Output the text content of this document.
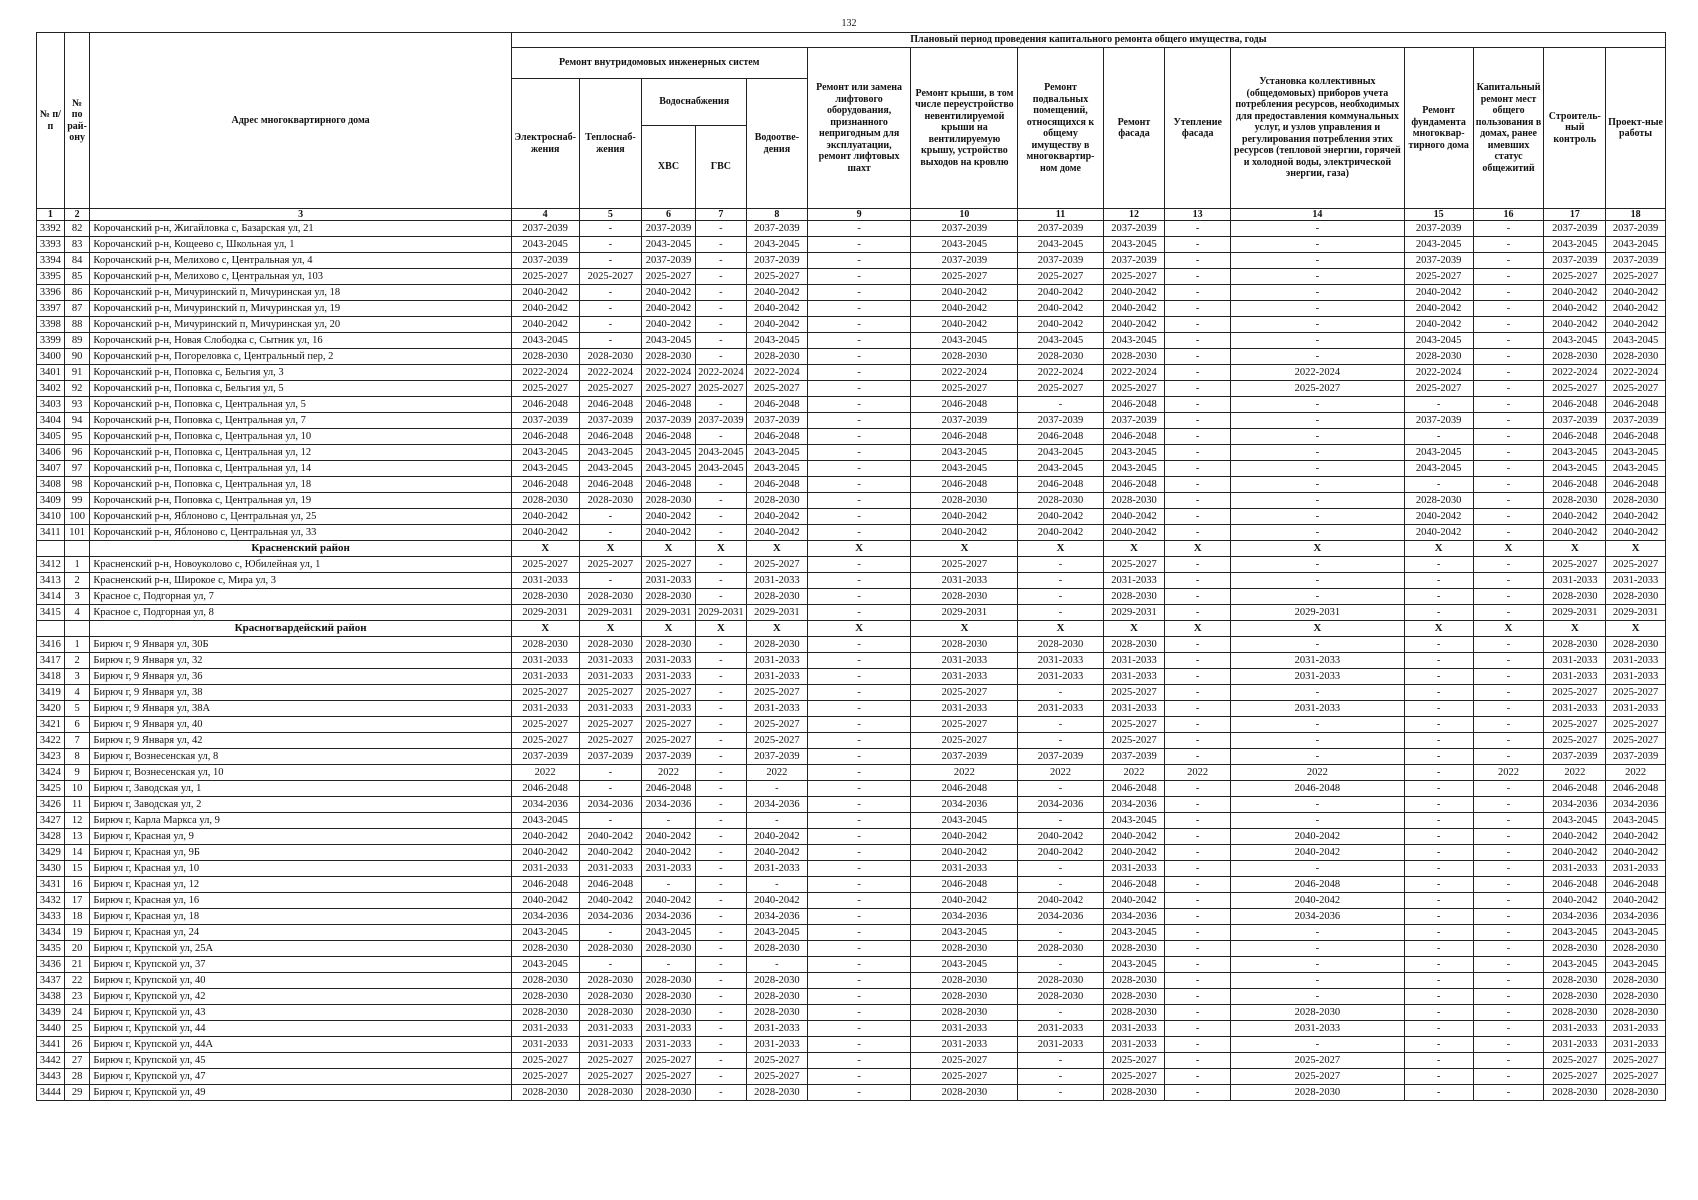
132
№ п/п	№ по рай-ону	Адрес многоквартирного дома	Плановый период проведения капитального ремонта общего имущества, годы														
			Ремонт внутридомовых инженерных систем					Ремонт или замена лифтового оборудования, признанного непригодным для эксплуатации, ремонт лифтовых шахт	Ремонт крыши, в том числе переустройство невентилируемой крыши на вентилируемую крышу, устройство выходов на кровлю	Ремонт подвальных помещений, относящихся к общему имуществу в многоквартир-ном доме	Ремонт фасада	Утепление фасада	Установка коллективных (общедомовых) приборов учета потребления ресурсов, необходимых для предоставления коммунальных услуг, и узлов управления и регулирования потребления этих ресурсов (тепловой энергии, горячей и холодной воды, электрической энергии, газа)	Ремонт фундамента многоквар-тирного дома	Капитальный ремонт мест общего пользования в домах, ранее имевших статус общежитий	Строитель-ный контроль	Проект-ные работы
			Электроснаб-жения	Теплоснаб-жения	Водоснабжения		Водоотве-дения										
					ХВС	ГВС											
1	2	3	4	5	6	7	8	9	10	11	12	13	14	15	16	17	18
3392	82	Корочанский р-н, Жигайловка с, Базарская ул, 21	2037-2039	-	2037-2039	-	2037-2039	-	2037-2039	2037-2039	2037-2039	-	-	2037-2039	-	2037-2039	2037-2039
3393	83	Корочанский р-н, Кощеево с, Школьная ул, 1	2043-2045	-	2043-2045	-	2043-2045	-	2043-2045	2043-2045	2043-2045	-	-	2043-2045	-	2043-2045	2043-2045
3394	84	Корочанский р-н, Мелихово с, Центральная ул, 4	2037-2039	-	2037-2039	-	2037-2039	-	2037-2039	2037-2039	2037-2039	-	-	2037-2039	-	2037-2039	2037-2039
3395	85	Корочанский р-н, Мелихово с, Центральная ул, 103	2025-2027	2025-2027	2025-2027	-	2025-2027	-	2025-2027	2025-2027	2025-2027	-	-	2025-2027	-	2025-2027	2025-2027
3396	86	Корочанский р-н, Мичуринский п, Мичуринская ул, 18	2040-2042	-	2040-2042	-	2040-2042	-	2040-2042	2040-2042	2040-2042	-	-	2040-2042	-	2040-2042	2040-2042
3397	87	Корочанский р-н, Мичуринский п, Мичуринская ул, 19	2040-2042	-	2040-2042	-	2040-2042	-	2040-2042	2040-2042	2040-2042	-	-	2040-2042	-	2040-2042	2040-2042
3398	88	Корочанский р-н, Мичуринский п, Мичуринская ул, 20	2040-2042	-	2040-2042	-	2040-2042	-	2040-2042	2040-2042	2040-2042	-	-	2040-2042	-	2040-2042	2040-2042
3399	89	Корочанский р-н, Новая Слободка с, Сытник ул, 16	2043-2045	-	2043-2045	-	2043-2045	-	2043-2045	2043-2045	2043-2045	-	-	2043-2045	-	2043-2045	2043-2045
3400	90	Корочанский р-н, Погореловка с, Центральный пер, 2	2028-2030	2028-2030	2028-2030	-	2028-2030	-	2028-2030	2028-2030	2028-2030	-	-	2028-2030	-	2028-2030	2028-2030
3401	91	Корочанский р-н, Поповка с, Бельгия ул, 3	2022-2024	2022-2024	2022-2024	2022-2024	2022-2024	-	2022-2024	2022-2024	2022-2024	-	2022-2024	2022-2024	-	2022-2024	2022-2024
3402	92	Корочанский р-н, Поповка с, Бельгия ул, 5	2025-2027	2025-2027	2025-2027	2025-2027	2025-2027	-	2025-2027	2025-2027	2025-2027	-	2025-2027	2025-2027	-	2025-2027	2025-2027
3403	93	Корочанский р-н, Поповка с, Центральная ул, 5	2046-2048	2046-2048	2046-2048	-	2046-2048	-	2046-2048	-	2046-2048	-	-	-	-	2046-2048	2046-2048
3404	94	Корочанский р-н, Поповка с, Центральная ул, 7	2037-2039	2037-2039	2037-2039	2037-2039	2037-2039	-	2037-2039	2037-2039	2037-2039	-	-	2037-2039	-	2037-2039	2037-2039
3405	95	Корочанский р-н, Поповка с, Центральная ул, 10	2046-2048	2046-2048	2046-2048	-	2046-2048	-	2046-2048	2046-2048	2046-2048	-	-	-	-	2046-2048	2046-2048
3406	96	Корочанский р-н, Поповка с, Центральная ул, 12	2043-2045	2043-2045	2043-2045	2043-2045	2043-2045	-	2043-2045	2043-2045	2043-2045	-	-	2043-2045	-	2043-2045	2043-2045
3407	97	Корочанский р-н, Поповка с, Центральная ул, 14	2043-2045	2043-2045	2043-2045	2043-2045	2043-2045	-	2043-2045	2043-2045	2043-2045	-	-	2043-2045	-	2043-2045	2043-2045
3408	98	Корочанский р-н, Поповка с, Центральная ул, 18	2046-2048	2046-2048	2046-2048	-	2046-2048	-	2046-2048	2046-2048	2046-2048	-	-	-	-	2046-2048	2046-2048
3409	99	Корочанский р-н, Поповка с, Центральная ул, 19	2028-2030	2028-2030	2028-2030	-	2028-2030	-	2028-2030	2028-2030	2028-2030	-	-	2028-2030	-	2028-2030	2028-2030
3410	100	Корочанский р-н, Яблоново с, Центральная ул, 25	2040-2042	-	2040-2042	-	2040-2042	-	2040-2042	2040-2042	2040-2042	-	-	2040-2042	-	2040-2042	2040-2042
3411	101	Корочанский р-н, Яблоново с, Центральная ул, 33	2040-2042	-	2040-2042	-	2040-2042	-	2040-2042	2040-2042	2040-2042	-	-	2040-2042	-	2040-2042	2040-2042
		Красненский район	X	X	X	X	X	X	X	X	X	X	X	X	X	X	X
3412	1	Красненский р-н, Новоуколово с, Юбилейная ул, 1	2025-2027	2025-2027	2025-2027	-	2025-2027	-	2025-2027	-	2025-2027	-	-	-	-	2025-2027	2025-2027
3413	2	Красненский р-н, Широкое с, Мира ул, 3	2031-2033	-	2031-2033	-	2031-2033	-	2031-2033	-	2031-2033	-	-	-	-	2031-2033	2031-2033
3414	3	Красное с, Подгорная ул, 7	2028-2030	2028-2030	2028-2030	-	2028-2030	-	2028-2030	-	2028-2030	-	-	-	-	2028-2030	2028-2030
3415	4	Красное с, Подгорная ул, 8	2029-2031	2029-2031	2029-2031	2029-2031	2029-2031	-	2029-2031	-	2029-2031	-	2029-2031	-	-	2029-2031	2029-2031
		Красногвардейский район	X	X	X	X	X	X	X	X	X	X	X	X	X	X	X
3416	1	Бирюч г, 9 Января ул, 30Б	2028-2030	2028-2030	2028-2030	-	2028-2030	-	2028-2030	2028-2030	2028-2030	-	-	-	-	2028-2030	2028-2030
3417	2	Бирюч г, 9 Января ул, 32	2031-2033	2031-2033	2031-2033	-	2031-2033	-	2031-2033	2031-2033	2031-2033	-	2031-2033	-	-	2031-2033	2031-2033
3418	3	Бирюч г, 9 Января ул, 36	2031-2033	2031-2033	2031-2033	-	2031-2033	-	2031-2033	2031-2033	2031-2033	-	2031-2033	-	-	2031-2033	2031-2033
3419	4	Бирюч г, 9 Января ул, 38	2025-2027	2025-2027	2025-2027	-	2025-2027	-	2025-2027	-	2025-2027	-	-	-	-	2025-2027	2025-2027
3420	5	Бирюч г, 9 Января ул, 38А	2031-2033	2031-2033	2031-2033	-	2031-2033	-	2031-2033	2031-2033	2031-2033	-	2031-2033	-	-	2031-2033	2031-2033
3421	6	Бирюч г, 9 Января ул, 40	2025-2027	2025-2027	2025-2027	-	2025-2027	-	2025-2027	-	2025-2027	-	-	-	-	2025-2027	2025-2027
3422	7	Бирюч г, 9 Января ул, 42	2025-2027	2025-2027	2025-2027	-	2025-2027	-	2025-2027	-	2025-2027	-	-	-	-	2025-2027	2025-2027
3423	8	Бирюч г, Вознесенская ул, 8	2037-2039	2037-2039	2037-2039	-	2037-2039	-	2037-2039	2037-2039	2037-2039	-	-	-	-	2037-2039	2037-2039
3424	9	Бирюч г, Вознесенская ул, 10	2022	-	2022	-	2022	-	2022	2022	2022	2022	2022	-	2022	2022	2022
3425	10	Бирюч г, Заводская ул, 1	2046-2048	-	2046-2048	-	-	-	2046-2048	-	2046-2048	-	2046-2048	-	-	2046-2048	2046-2048
3426	11	Бирюч г, Заводская ул, 2	2034-2036	2034-2036	2034-2036	-	2034-2036	-	2034-2036	2034-2036	2034-2036	-	-	-	-	2034-2036	2034-2036
3427	12	Бирюч г, Карла Маркса ул, 9	2043-2045	-	-	-	-	-	2043-2045	-	2043-2045	-	-	-	-	2043-2045	2043-2045
3428	13	Бирюч г, Красная ул, 9	2040-2042	2040-2042	2040-2042	-	2040-2042	-	2040-2042	2040-2042	2040-2042	-	2040-2042	-	-	2040-2042	2040-2042
3429	14	Бирюч г, Красная ул, 9Б	2040-2042	2040-2042	2040-2042	-	2040-2042	-	2040-2042	2040-2042	2040-2042	-	2040-2042	-	-	2040-2042	2040-2042
3430	15	Бирюч г, Красная ул, 10	2031-2033	2031-2033	2031-2033	-	2031-2033	-	2031-2033	-	2031-2033	-	-	-	-	2031-2033	2031-2033
3431	16	Бирюч г, Красная ул, 12	2046-2048	2046-2048	-	-	-	-	2046-2048	-	2046-2048	-	2046-2048	-	-	2046-2048	2046-2048
3432	17	Бирюч г, Красная ул, 16	2040-2042	2040-2042	2040-2042	-	2040-2042	-	2040-2042	2040-2042	2040-2042	-	2040-2042	-	-	2040-2042	2040-2042
3433	18	Бирюч г, Красная ул, 18	2034-2036	2034-2036	2034-2036	-	2034-2036	-	2034-2036	2034-2036	2034-2036	-	2034-2036	-	-	2034-2036	2034-2036
3434	19	Бирюч г, Красная ул, 24	2043-2045	-	2043-2045	-	2043-2045	-	2043-2045	-	2043-2045	-	-	-	-	2043-2045	2043-2045
3435	20	Бирюч г, Крупской ул, 25А	2028-2030	2028-2030	2028-2030	-	2028-2030	-	2028-2030	2028-2030	2028-2030	-	-	-	-	2028-2030	2028-2030
3436	21	Бирюч г, Крупской ул, 37	2043-2045	-	-	-	-	-	2043-2045	-	2043-2045	-	-	-	-	2043-2045	2043-2045
3437	22	Бирюч г, Крупской ул, 40	2028-2030	2028-2030	2028-2030	-	2028-2030	-	2028-2030	2028-2030	2028-2030	-	-	-	-	2028-2030	2028-2030
3438	23	Бирюч г, Крупской ул, 42	2028-2030	2028-2030	2028-2030	-	2028-2030	-	2028-2030	2028-2030	2028-2030	-	-	-	-	2028-2030	2028-2030
3439	24	Бирюч г, Крупской ул, 43	2028-2030	2028-2030	2028-2030	-	2028-2030	-	2028-2030	-	2028-2030	-	2028-2030	-	-	2028-2030	2028-2030
3440	25	Бирюч г, Крупской ул, 44	2031-2033	2031-2033	2031-2033	-	2031-2033	-	2031-2033	2031-2033	2031-2033	-	2031-2033	-	-	2031-2033	2031-2033
3441	26	Бирюч г, Крупской ул, 44А	2031-2033	2031-2033	2031-2033	-	2031-2033	-	2031-2033	2031-2033	2031-2033	-	-	-	-	2031-2033	2031-2033
3442	27	Бирюч г, Крупской ул, 45	2025-2027	2025-2027	2025-2027	-	2025-2027	-	2025-2027	-	2025-2027	-	2025-2027	-	-	2025-2027	2025-2027
3443	28	Бирюч г, Крупской ул, 47	2025-2027	2025-2027	2025-2027	-	2025-2027	-	2025-2027	-	2025-2027	-	2025-2027	-	-	2025-2027	2025-2027
3444	29	Бирюч г, Крупской ул, 49	2028-2030	2028-2030	2028-2030	-	2028-2030	-	2028-2030	-	2028-2030	-	2028-2030	-	-	2028-2030	2028-2030
